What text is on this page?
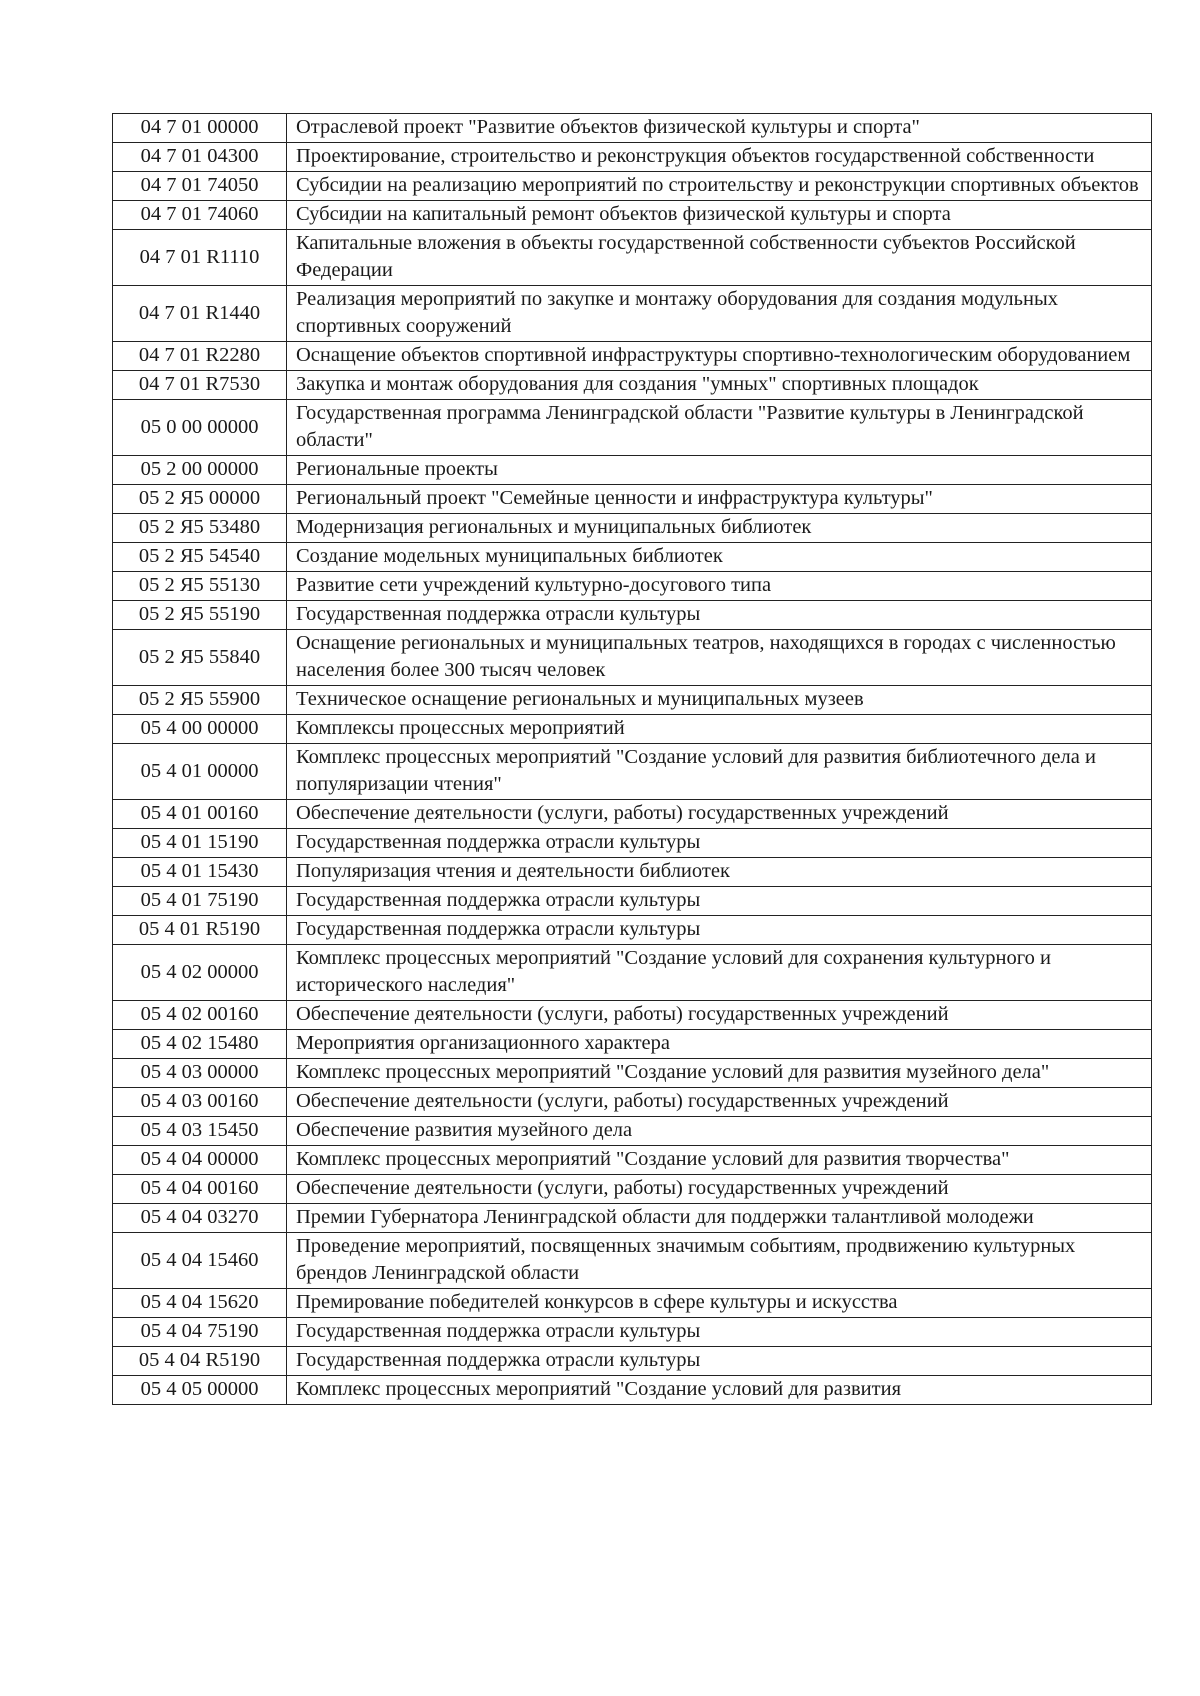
04 7 01 00000	Отраслевой проект "Развитие объектов физической культуры и спорта"
04 7 01 04300	Проектирование, строительство и реконструкция объектов государственной собственности
04 7 01 74050	Субсидии на реализацию мероприятий по строительству и реконструкции спортивных объектов
04 7 01 74060	Субсидии на капитальный ремонт объектов физической культуры и спорта
04 7 01 R1110	Капитальные вложения в объекты государственной собственности субъектов Российской Федерации
04 7 01 R1440	Реализация мероприятий по закупке и монтажу оборудования для создания модульных спортивных сооружений
04 7 01 R2280	Оснащение объектов спортивной инфраструктуры спортивно-технологическим оборудованием
04 7 01 R7530	Закупка и монтаж оборудования для создания "умных" спортивных площадок
05 0 00 00000	Государственная программа Ленинградской области "Развитие культуры в Ленинградской области"
05 2 00 00000	Региональные проекты
05 2 Я5 00000	Региональный проект "Семейные ценности и инфраструктура культуры"
05 2 Я5 53480	Модернизация региональных и муниципальных библиотек
05 2 Я5 54540	Создание модельных муниципальных библиотек
05 2 Я5 55130	Развитие сети учреждений культурно-досугового типа
05 2 Я5 55190	Государственная поддержка отрасли культуры
05 2 Я5 55840	Оснащение региональных и муниципальных театров, находящихся в городах с численностью населения более 300 тысяч человек
05 2 Я5 55900	Техническое оснащение региональных и муниципальных музеев
05 4 00 00000	Комплексы процессных мероприятий
05 4 01 00000	Комплекс процессных мероприятий "Создание условий для развития библиотечного дела и популяризации чтения"
05 4 01 00160	Обеспечение деятельности (услуги, работы) государственных учреждений
05 4 01 15190	Государственная поддержка отрасли культуры
05 4 01 15430	Популяризация чтения и деятельности библиотек
05 4 01 75190	Государственная поддержка отрасли культуры
05 4 01 R5190	Государственная поддержка отрасли культуры
05 4 02 00000	Комплекс процессных мероприятий "Создание условий для сохранения культурного и исторического наследия"
05 4 02 00160	Обеспечение деятельности (услуги, работы) государственных учреждений
05 4 02 15480	Мероприятия организационного характера
05 4 03 00000	Комплекс процессных мероприятий "Создание условий для развития музейного дела"
05 4 03 00160	Обеспечение деятельности (услуги, работы) государственных учреждений
05 4 03 15450	Обеспечение развития музейного дела
05 4 04 00000	Комплекс процессных мероприятий "Создание условий для развития творчества"
05 4 04 00160	Обеспечение деятельности (услуги, работы) государственных учреждений
05 4 04 03270	Премии Губернатора Ленинградской области для поддержки талантливой молодежи
05 4 04 15460	Проведение мероприятий, посвященных значимым событиям, продвижению культурных брендов Ленинградской области
05 4 04 15620	Премирование победителей конкурсов в сфере культуры и искусства
05 4 04 75190	Государственная поддержка отрасли культуры
05 4 04 R5190	Государственная поддержка отрасли культуры
05 4 05 00000	Комплекс процессных мероприятий "Создание условий для развития
